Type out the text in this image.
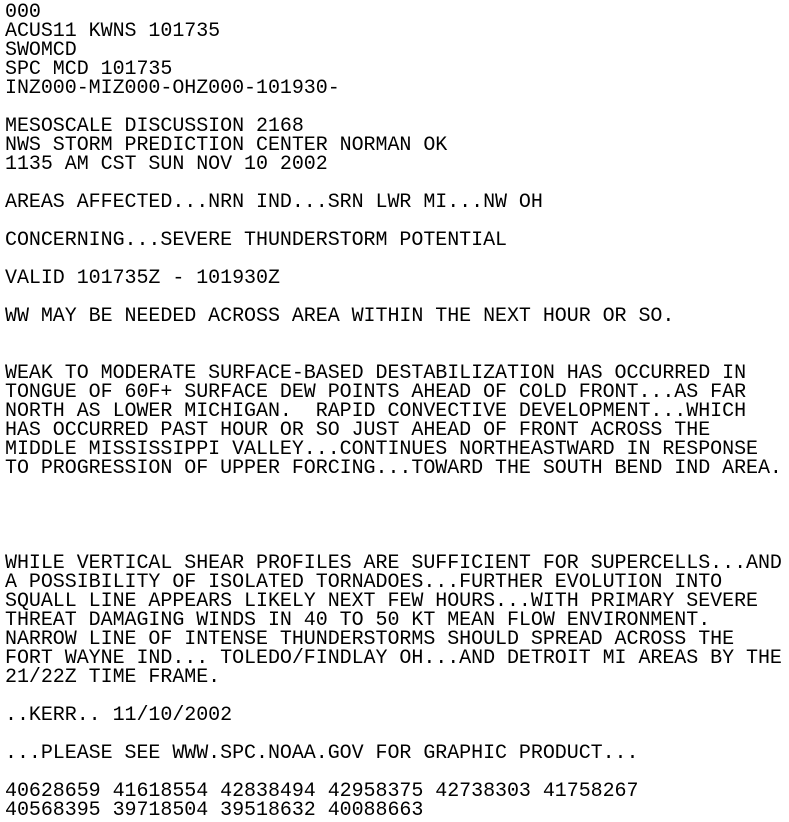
000
ACUS11 KWNS 101735
SWOMCD
SPC MCD 101735
INZ000-MIZ000-OHZ000-101930-
MESOSCALE DISCUSSION 2168
NWS STORM PREDICTION CENTER NORMAN OK
1135 AM CST SUN NOV 10 2002
AREAS AFFECTED...NRN IND...SRN LWR MI...NW OH
CONCERNING...SEVERE THUNDERSTORM POTENTIAL
VALID 101735Z - 101930Z
WW MAY BE NEEDED ACROSS AREA WITHIN THE NEXT HOUR OR SO.
WEAK TO MODERATE SURFACE-BASED DESTABILIZATION HAS OCCURRED IN
TONGUE OF 60F+ SURFACE DEW POINTS AHEAD OF COLD FRONT...AS FAR
NORTH AS LOWER MICHIGAN.  RAPID CONVECTIVE DEVELOPMENT...WHICH
HAS OCCURRED PAST HOUR OR SO JUST AHEAD OF FRONT ACROSS THE
MIDDLE MISSISSIPPI VALLEY...CONTINUES NORTHEASTWARD IN RESPONSE
TO PROGRESSION OF UPPER FORCING...TOWARD THE SOUTH BEND IND AREA.
WHILE VERTICAL SHEAR PROFILES ARE SUFFICIENT FOR SUPERCELLS...AND
A POSSIBILITY OF ISOLATED TORNADOES...FURTHER EVOLUTION INTO
SQUALL LINE APPEARS LIKELY NEXT FEW HOURS...WITH PRIMARY SEVERE
THREAT DAMAGING WINDS IN 40 TO 50 KT MEAN FLOW ENVIRONMENT.
NARROW LINE OF INTENSE THUNDERSTORMS SHOULD SPREAD ACROSS THE
FORT WAYNE IND... TOLEDO/FINDLAY OH...AND DETROIT MI AREAS BY THE
21/22Z TIME FRAME.
..KERR.. 11/10/2002
...PLEASE SEE WWW.SPC.NOAA.GOV FOR GRAPHIC PRODUCT...
40628659 41618554 42838494 42958375 42738303 41758267
40568395 39718504 39518632 40088663
